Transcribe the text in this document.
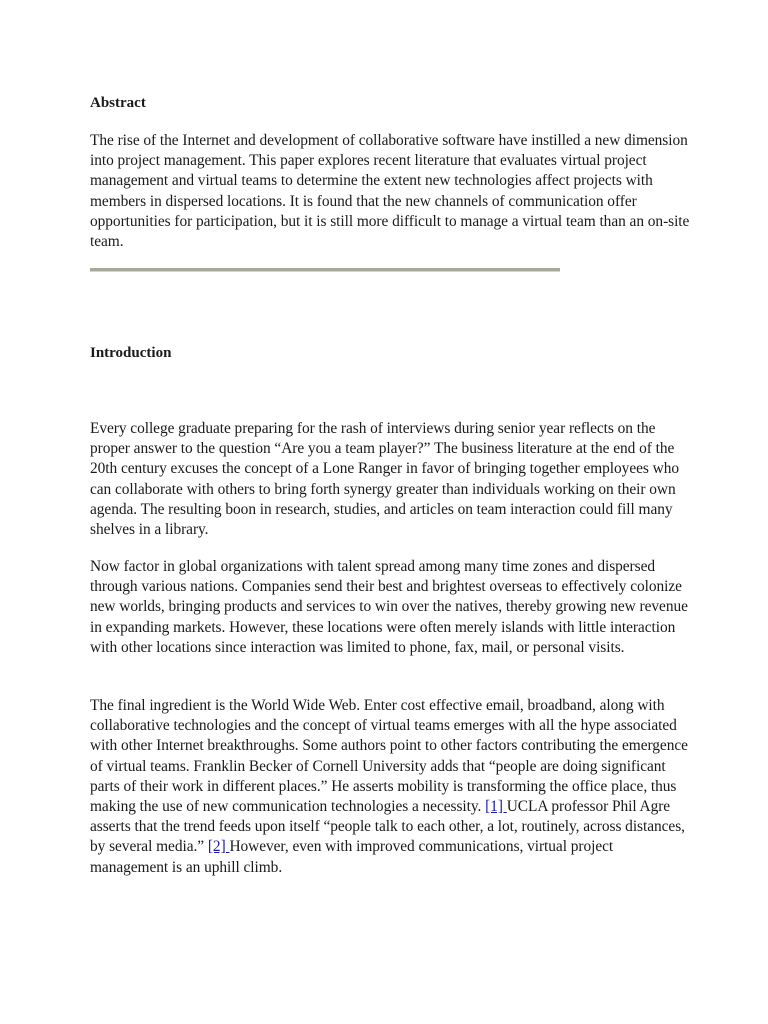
Abstract

The rise of the Internet and development of collaborative software have instilled a new dimension into project management. This paper explores recent literature that evaluates virtual project management and virtual teams to determine the extent new technologies affect projects with members in dispersed locations. It is found that the new channels of communication offer opportunities for participation, but it is still more difficult to manage a virtual team than an on-site team.

Introduction

Every college graduate preparing for the rash of interviews during senior year reflects on the proper answer to the question “Are you a team player?” The business literature at the end of the 20th century excuses the concept of a Lone Ranger in favor of bringing together employees who can collaborate with others to bring forth synergy greater than individuals working on their own agenda. The resulting boon in research, studies, and articles on team interaction could fill many shelves in a library.

Now factor in global organizations with talent spread among many time zones and dispersed through various nations. Companies send their best and brightest overseas to effectively colonize new worlds, bringing products and services to win over the natives, thereby growing new revenue in expanding markets. However, these locations were often merely islands with little interaction with other locations since interaction was limited to phone, fax, mail, or personal visits.

The final ingredient is the World Wide Web. Enter cost effective email, broadband, along with collaborative technologies and the concept of virtual teams emerges with all the hype associated with other Internet breakthroughs. Some authors point to other factors contributing the emergence of virtual teams. Franklin Becker of Cornell University adds that “people are doing significant parts of their work in different places.” He asserts mobility is transforming the office place, thus making the use of new communication technologies a necessity. [1] UCLA professor Phil Agre asserts that the trend feeds upon itself “people talk to each other, a lot, routinely, across distances, by several media.” [2] However, even with improved communications, virtual project management is an uphill climb.
